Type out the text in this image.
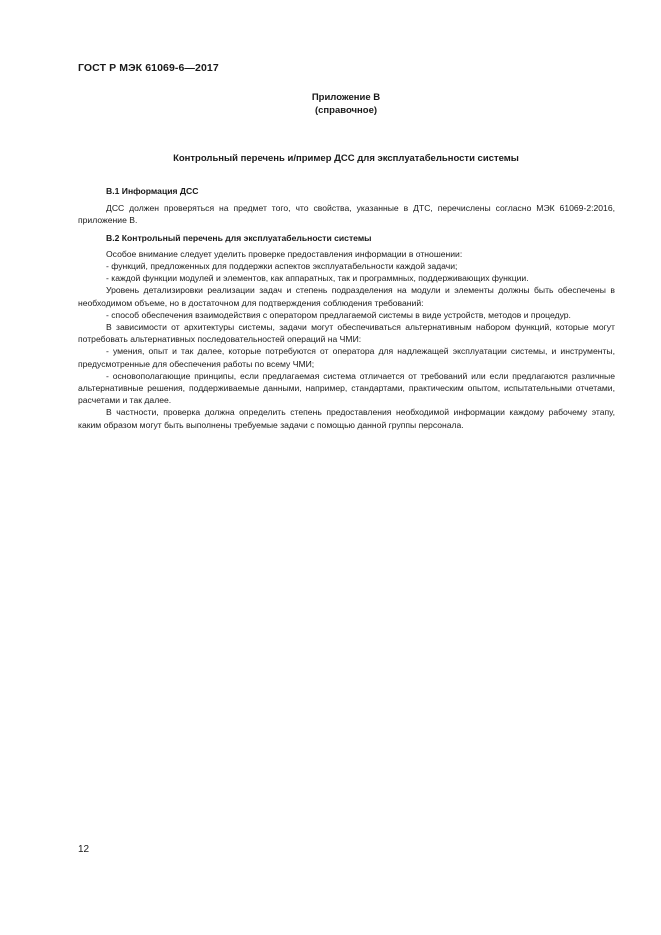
ГОСТ Р МЭК 61069-6—2017
Приложение В
(справочное)
Контрольный перечень и/пример ДСС для эксплуатабельности системы
В.1 Информация ДСС

ДСС должен проверяться на предмет того, что свойства, указанные в ДТС, перечислены согласно МЭК 61069-2:2016, приложение В.

В.2 Контрольный перечень для эксплуатабельности системы

Особое внимание следует уделить проверке предоставления информации в отношении:

- функций, предложенных для поддержки аспектов эксплуатабельности каждой задачи;

- каждой функции модулей и элементов, как аппаратных, так и программных, поддерживающих функции.

Уровень детализировки реализации задач и степень подразделения на модули и элементы должны быть обеспечены в необходимом объеме, но в достаточном для подтверждения соблюдения требований:

- способ обеспечения взаимодействия с оператором предлагаемой системы в виде устройств, методов и процедур.

В зависимости от архитектуры системы, задачи могут обеспечиваться альтернативным набором функций, которые могут потребовать альтернативных последовательностей операций на ЧМИ:

- умения, опыт и так далее, которые потребуются от оператора для надлежащей эксплуатации системы, и инструменты, предусмотренные для обеспечения работы по всему ЧМИ;

- основополагающие принципы, если предлагаемая система отличается от требований или если предлагаются различные альтернативные решения, поддерживаемые данными, например, стандартами, практическим опытом, испытательными отчетами, расчетами и так далее.

В частности, проверка должна определить степень предоставления необходимой информации каждому рабочему этапу, каким образом могут быть выполнены требуемые задачи с помощью данной группы персонала.

12
